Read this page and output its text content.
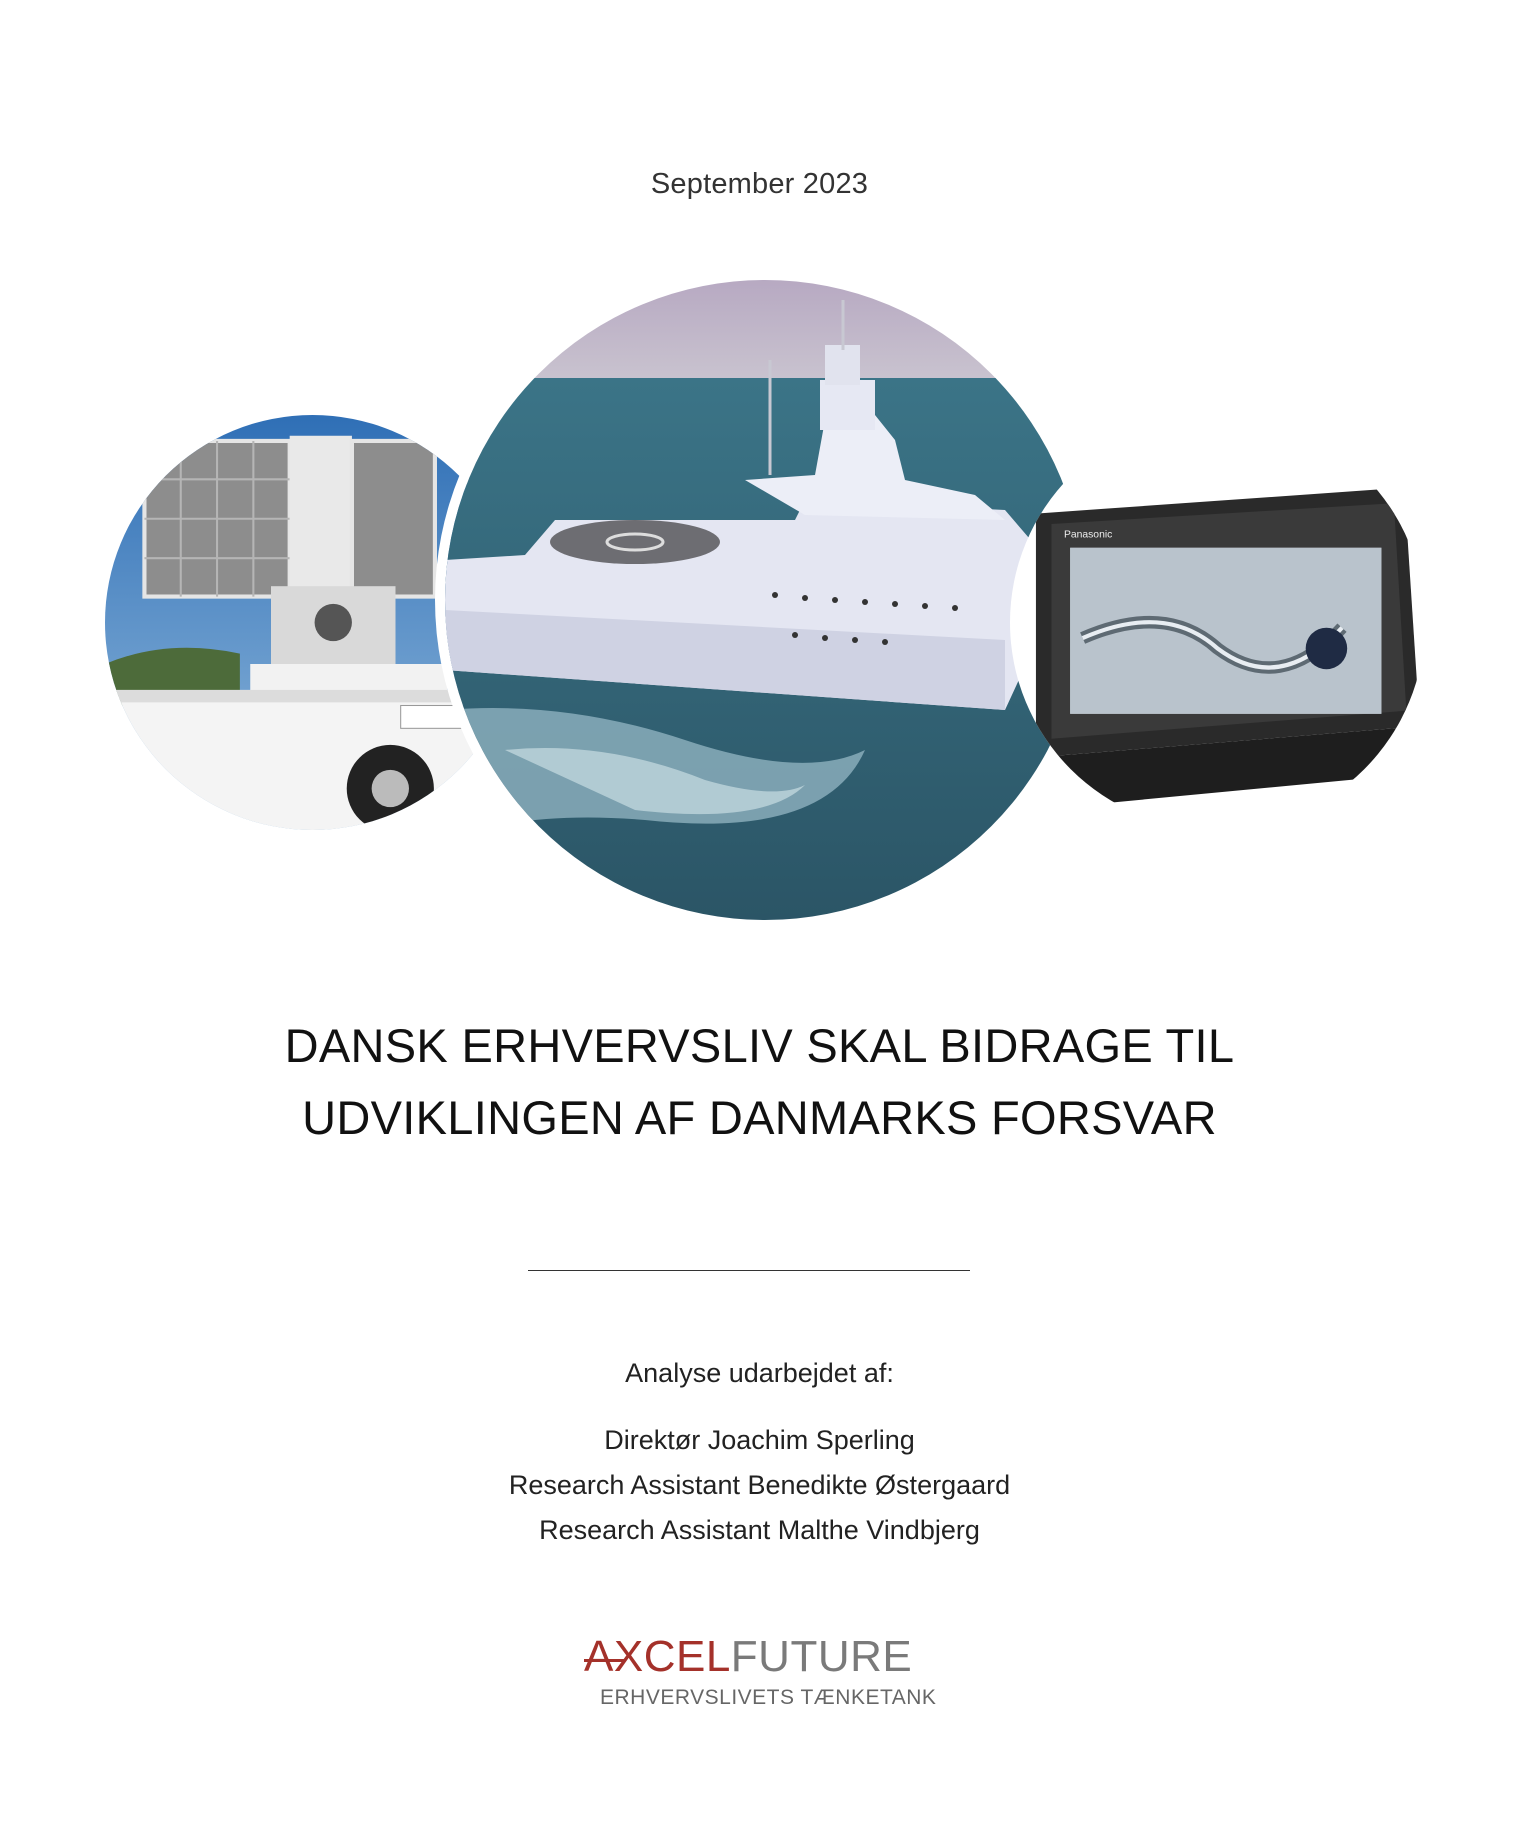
September 2023
Panasonic
DANSK ERHVERVSLIV SKAL BIDRAGE TIL
UDVIKLINGEN AF DANMARKS FORSVAR
Analyse udarbejdet af:
Direktør Joachim Sperling
Research Assistant Benedikte Østergaard
Research Assistant Malthe Vindbjerg
AXCELFUTURE
ERHVERVSLIVETS TÆNKETANK
